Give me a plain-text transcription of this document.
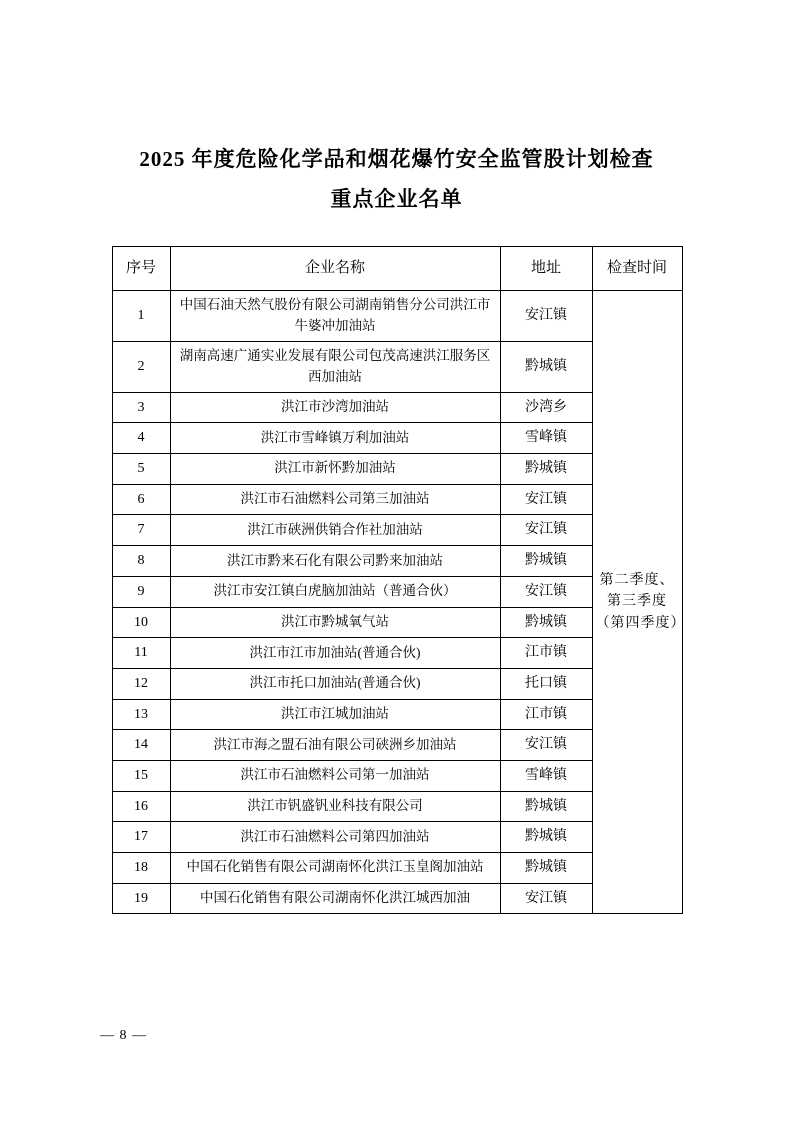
2025 年度危险化学品和烟花爆竹安全监管股计划检查
重点企业名单
序号	企业名称	地址	检查时间
1	中国石油天然气股份有限公司湖南销售分公司洪江市牛婆冲加油站	安江镇	第二季度、第三季度（第四季度）
2	湖南高速广通实业发展有限公司包茂高速洪江服务区西加油站	黔城镇	
3	洪江市沙湾加油站	沙湾乡	
4	洪江市雪峰镇万利加油站	雪峰镇	
5	洪江市新怀黔加油站	黔城镇	
6	洪江市石油燃料公司第三加油站	安江镇	
7	洪江市硖洲供销合作社加油站	安江镇	
8	洪江市黔来石化有限公司黔来加油站	黔城镇	
9	洪江市安江镇白虎脑加油站（普通合伙）	安江镇	
10	洪江市黔城氧气站	黔城镇	
11	洪江市江市加油站(普通合伙)	江市镇	
12	洪江市托口加油站(普通合伙)	托口镇	
13	洪江市江城加油站	江市镇	
14	洪江市海之盟石油有限公司硖洲乡加油站	安江镇	
15	洪江市石油燃料公司第一加油站	雪峰镇	
16	洪江市钒盛钒业科技有限公司	黔城镇	
17	洪江市石油燃料公司第四加油站	黔城镇	
18	中国石化销售有限公司湖南怀化洪江玉皇阁加油站	黔城镇	
19	中国石化销售有限公司湖南怀化洪江城西加油	安江镇	
— 8 —
